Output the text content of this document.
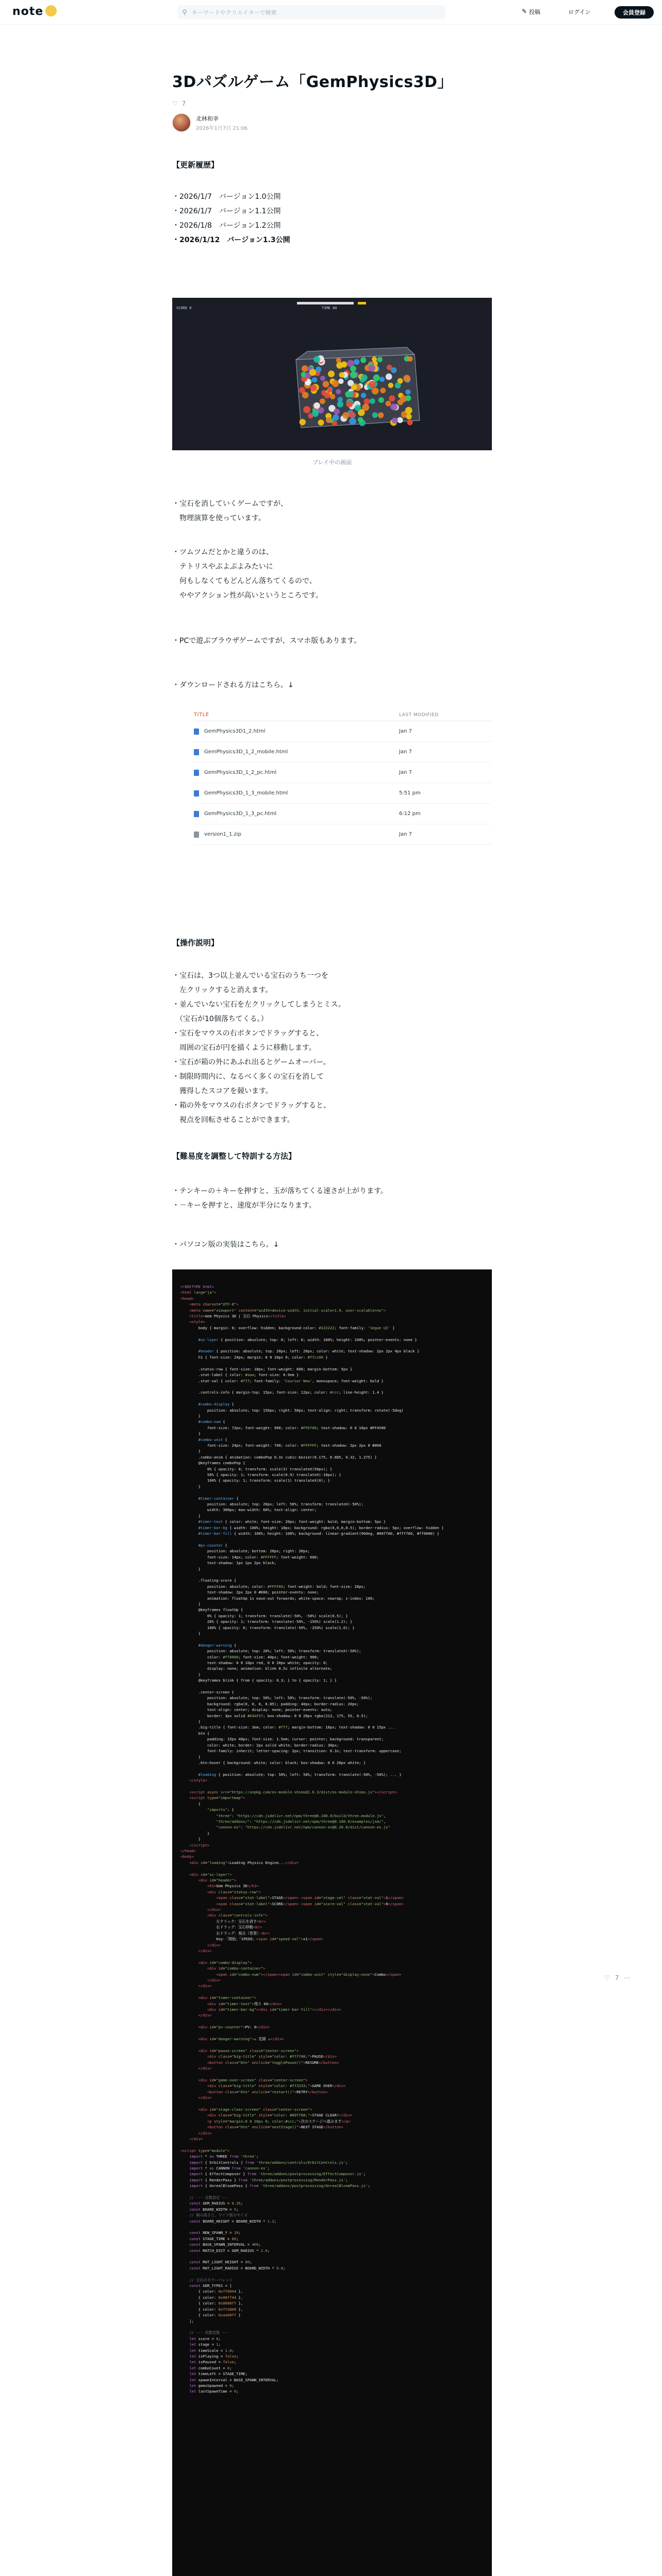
note	⚲
キーワードやクリエイターで検索	✎ 投稿	ログイン	会員登録
3Dパズルゲーム「GemPhysics3D」
♡ 7
北林和幸
2026年1月7日 21:06
【更新履歴】
・2026/1/7　バージョン1.0公開
・2026/1/7　バージョン1.1公開
・2026/1/8　バージョン1.2公開
・2026/1/12　バージョン1.3公開
SCORE 0	TIME 60
プレイ中の画面
・宝石を消していくゲームですが、
　物理演算を使っています。
・ツムツムだとかと違うのは、
　テトリスやぷよぷよみたいに
　何もしなくてもどんどん落ちてくるので、
　ややアクション性が高いというところです。
・PCで遊ぶブラウザゲームですが、スマホ版もあります。
・ダウンロードされる方はこちら。↓
TITLE	LAST MODIFIED
GemPhysics3D1_2.html	Jan 7
GemPhysics3D_1_2_mobile.html	Jan 7
GemPhysics3D_1_2_pc.html	Jan 7
GemPhysics3D_1_3_mobile.html	5:51 pm
GemPhysics3D_1_3_pc.html	6:12 pm
version1_1.zip	Jan 7
【操作説明】
・宝石は、3つ以上並んでいる宝石のうち一つを
　左クリックすると消えます。
・並んでいない宝石を左クリックしてしまうとミス。
　（宝石が10個落ちてくる。）
・宝石をマウスの右ボタンでドラッグすると、
　周囲の宝石が円を描くように移動します。
・宝石が箱の外にあふれ出るとゲームオーバー。
・制限時間内に、なるべく多くの宝石を消して
　獲得したスコアを競います。
・箱の外をマウスの右ボタンでドラッグすると、
　視点を回転させることができます。
【難易度を調整して特訓する方法】
・テンキーの＋キーを押すと、玉が落ちてくる速さが上がります。
・－キーを押すと、速度が半分になります。
・パソコン版の実装はこちら。↓
<!DOCTYPE html>
<html lang="ja">
<head>
<meta charset="UTF-8">
<meta name="viewport" content="width=device-width, initial-scale=1.0, user-scalable=no">
<title>Gem Physics 3D | 宝石 Physics</title>
<style>
body { margin: 0; overflow: hidden; background-color: #222222; font-family: 'Segoe UI' }

#ui-layer { position: absolute; top: 0; left: 0; width: 100%; height: 100%; pointer-events: none }

#header { position: absolute; top: 20px; left: 20px; color: white; text-shadow: 2px 2px 4px black }
h1 { font-size: 24px; margin: 0 0 10px 0; color: #ffcc00 }

.status-row { font-size: 18px; font-weight: 600; margin-bottom: 5px }
.stat-label { color: #aaa; font-size: 0.9em }
.stat-val { color: #fff; font-family: 'Courier New', monospace; font-weight: bold }

.controls-info { margin-top: 15px; font-size: 12px; color: #ccc; line-height: 1.4 }

#combo-display {
position: absolute; top: 150px; right: 50px; text-align: right; transform: rotate(-5deg)
}
#combo-num {
font-size: 72px; font-weight: 900; color: #FFD700; text-shadow: 0 0 10px #FF4500
}
#combo-unit {
font-size: 24px; font-weight: 700; color: #FFFFFF; text-shadow: 2px 2px 0 #000
}
.combo-anim { animation: comboPop 0.3s cubic-bezier(0.175, 0.885, 0.32, 1.275) }
@keyframes comboPop {
0% { opacity: 0; transform: scale(3) translateX(50px); }
50% { opacity: 1; transform: scale(0.9) translateX(-10px); }
100% { opacity: 1; transform: scale(1) translateX(0); }
}

#timer-container {
position: absolute; top: 20px; left: 50%; transform: translateX(-50%);
width: 300px; max-width: 60%; text-align: center;
}
#timer-text { color: white; font-size: 20px; font-weight: bold; margin-bottom: 5px }
#timer-bar-bg { width: 100%; height: 10px; background: rgba(0,0,0,0.5); border-radius: 5px; overflow: hidden }
#timer-bar-fill { width: 100%; height: 100%; background: linear-gradient(90deg, #00ff00, #ffff00, #ff0000) }

#pv-counter {
position: absolute; bottom: 20px; right: 20px;
font-size: 14px; color: #FFFFFF; font-weight: 600;
text-shadow: 1px 1px 2px black;
}

.floating-score {
position: absolute; color: #FFFF00; font-weight: bold; font-size: 28px;
text-shadow: 2px 2px 0 #000; pointer-events: none;
animation: floatUp 1s ease-out forwards; white-space: nowrap; z-index: 100;
}
@keyframes floatUp {
0% { opacity: 1; transform: translate(-50%, -50%) scale(0.5); }
20% { opacity: 1; transform: translate(-50%, -150%) scale(1.2); }
100% { opacity: 0; transform: translate(-50%, -250%) scale(1.0); }
}

#danger-warning {
position: absolute; top: 20%; left: 50%; transform: translateX(-50%);
color: #ff0000; font-size: 40px; font-weight: 900;
text-shadow: 0 0 10px red, 0 0 20px white; opacity: 0;
display: none; animation: blink 0.5s infinite alternate;
}
@keyframes blink { from { opacity: 0.3; } to { opacity: 1; } }

.center-screen {
position: absolute; top: 50%; left: 50%; transform: translate(-50%, -50%);
background: rgba(0, 0, 0, 0.85); padding: 40px; border-radius: 20px;
text-align: center; display: none; pointer-events: auto;
border: 3px solid #D4AF37; box-shadow: 0 0 20px rgba(212, 175, 55, 0.5);
}
.big-title { font-size: 3em; color: #fff; margin-bottom: 10px; text-shadow: 0 0 15px ...
btn {
padding: 15px 40px; font-size: 1.5em; cursor: pointer; background: transparent;
color: white; border: 2px solid white; border-radius: 30px;
font-family: inherit; letter-spacing: 2px; transition: 0.3s; text-transform: uppercase;
}
.btn:hover { background: white; color: black; box-shadow: 0 0 20px white; }

#loading { position: absolute; top: 50%; left: 50%; transform: translate(-50%, -50%); ... }
</style>

<script async src="https://unpkg.com/es-module-shims@1.6.3/dist/es-module-shims.js"></script>
<script type="importmap">
{
"imports": {
"three": "https://cdn.jsdelivr.net/npm/three@0.160.0/build/three.module.js",
"three/addons/": "https://cdn.jsdelivr.net/npm/three@0.160.0/examples/jsm/",
"cannon-es": "https://cdn.jsdelivr.net/npm/cannon-es@0.20.0/dist/cannon-es.js"
}
}
</script>
</head>
<body>
<div id="loading">Loading Physics Engine...</div>

<div id="ui-layer">
<div id="header">
<h1>Gem Physics 3D</h1>
<div class="status-row">
<span class="stat-label">STAGE</span> <span id="stage-val" class="stat-val">1</span>
<span class="stat-label">SCORE</span> <span id="score-val" class="stat-val">0</span>
</div>
<div class="controls-info">
左クリック：宝石を消す<br>
右ドラッグ：宝石移動<br>
右ドラッグ：視点（背景）<br>
Key：「開始」「SPEED」<span id="speed-val">x1</span>
</div>
</div>

<div id="combo-display">
<div id="combo-container">
<span id="combo-num"></span><span id="combo-unit" style="display:none">Combo</span>
</div>
</div>

<div id="timer-container">
<div id="timer-text">残り 60</div>
<div id="timer-bar-bg"><div id="timer-bar-fill"></div></div>
</div>

<div id="pv-counter">PV: 0</div>

<div id="danger-warning">⚠ 危険 ⚠</div>

<div id="pause-screen" class="center-screen">
<div class="big-title" style="color: #ffff00;">PAUSE</div>
<button class="btn" onclick="togglePause()">RESUME</button>
</div>

<div id="game-over-screen" class="center-screen">
<div class="big-title" style="color: #ff3333;">GAME OVER</div>
<button class="btn" onclick="restart()">RETRY</button>
</div>

<div id="stage-clear-screen" class="center-screen">
<div class="big-title" style="color: #00ff88;">STAGE CLEAR!</div>
<p style="margin:0 0 20px 0; color:#ccc;">次のステージへ進みます</p>
<button class="btn" onclick="nextStage()">NEXT STAGE</button>
</div>
</div>

<script type="module">
import * as THREE from 'three';
import { OrbitControls } from 'three/addons/controls/OrbitControls.js';
import * as CANNON from 'cannon-es';
import { EffectComposer } from 'three/addons/postprocessing/EffectComposer.js';
import { RenderPass } from 'three/addons/postprocessing/RenderPass.js';
import { UnrealBloomPass } from 'three/addons/postprocessing/UnrealBloomPass.js';

// --- 定数設定 ---
const GEM_RADIUS = 0.35;
const BOARD_WIDTH = 5;
// 箱の高さと、ワイド版のサイズ
const BOARD_HEIGHT = BOARD_WIDTH * 1.2;

const NEW_SPAWN_Y = 10;
const STAGE_TIME = 60;
const BASE_SPAWN_INTERVAL = 400;
const MATCH_DIST = GEM_RADIUS * 2.6;

const MAT_LIGHT_HEIGHT = 80;
const MAT_LIGHT_RADIUS = BOARD_WIDTH * 0.8;

// 宝石のカラーパレット
const GEM_TYPES = [
{ color: 0xff0044 },
{ color: 0x00ff44 },
{ color: 0x0088ff },
{ color: 0xffdd00 },
{ color: 0xaa00ff }
];

// --- 状態変数 ---
let score = 0;
let stage = 1;
let timeScale = 1.0;
let isPlaying = false;
let isPaused = false;
let comboCount = 0;
let timeLeft = STAGE_TIME;
let spawnInterval = BASE_SPAWN_INTERVAL;
let gemsSpawned = 0;
let lastSpawnTime = 0;

♡ 7 ⋯
